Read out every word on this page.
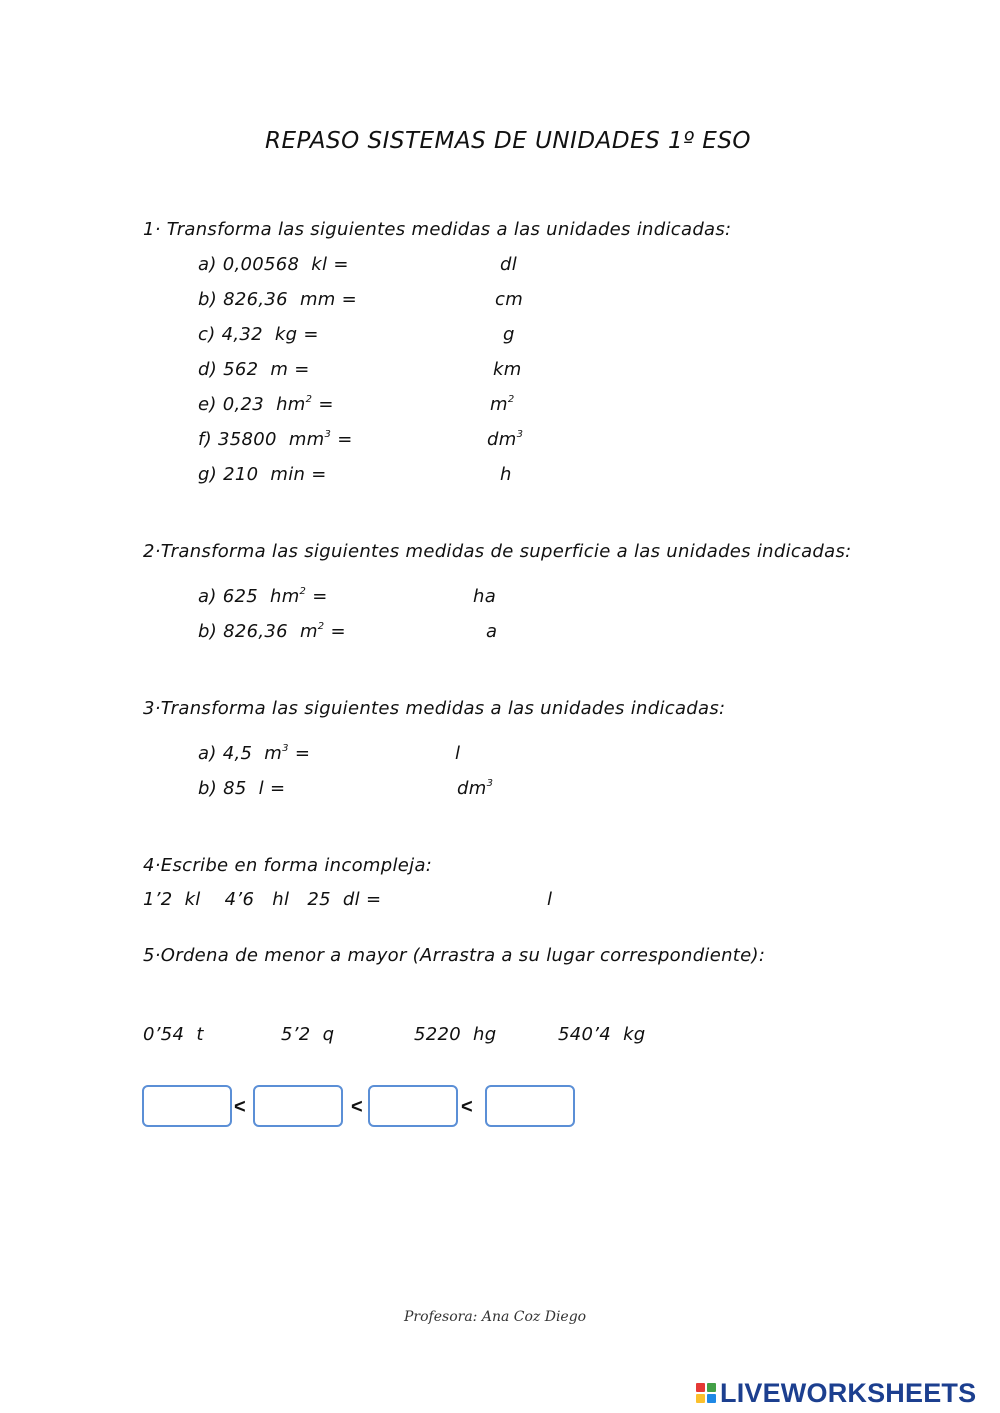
REPASO SISTEMAS DE UNIDADES 1º ESO
1· Transforma las siguientes medidas a las unidades indicadas:
a) 0,00568 kl =	dl
b) 826,36 mm =	cm
c) 4,32 kg =	g
d) 562 m =	km
e) 0,23 $hm^2$ =	$m^2$
f) 35800 $mm^3$ =	$dm^3$
g) 210 min =	h
2·Transforma las siguientes medidas de superficie a las unidades indicadas:
a) 625 $hm^2$ =	ha
b) 826,36 $m^2$ =	a
3·Transforma las siguientes medidas a las unidades indicadas:
a) 4,5 $m^3$ =	l
b) 85 l =	$dm^3$
4·Escribe en forma incompleja:
1’2  kl    4’6   hl   25  dl =	l
5·Ordena de menor a mayor (Arrastra a su lugar correspondiente):
0’54  t	5’2  q	5220  hg	540’4  kg
<	<	<
Profesora: Ana Coz Diego
LIVEWORKSHEETS
